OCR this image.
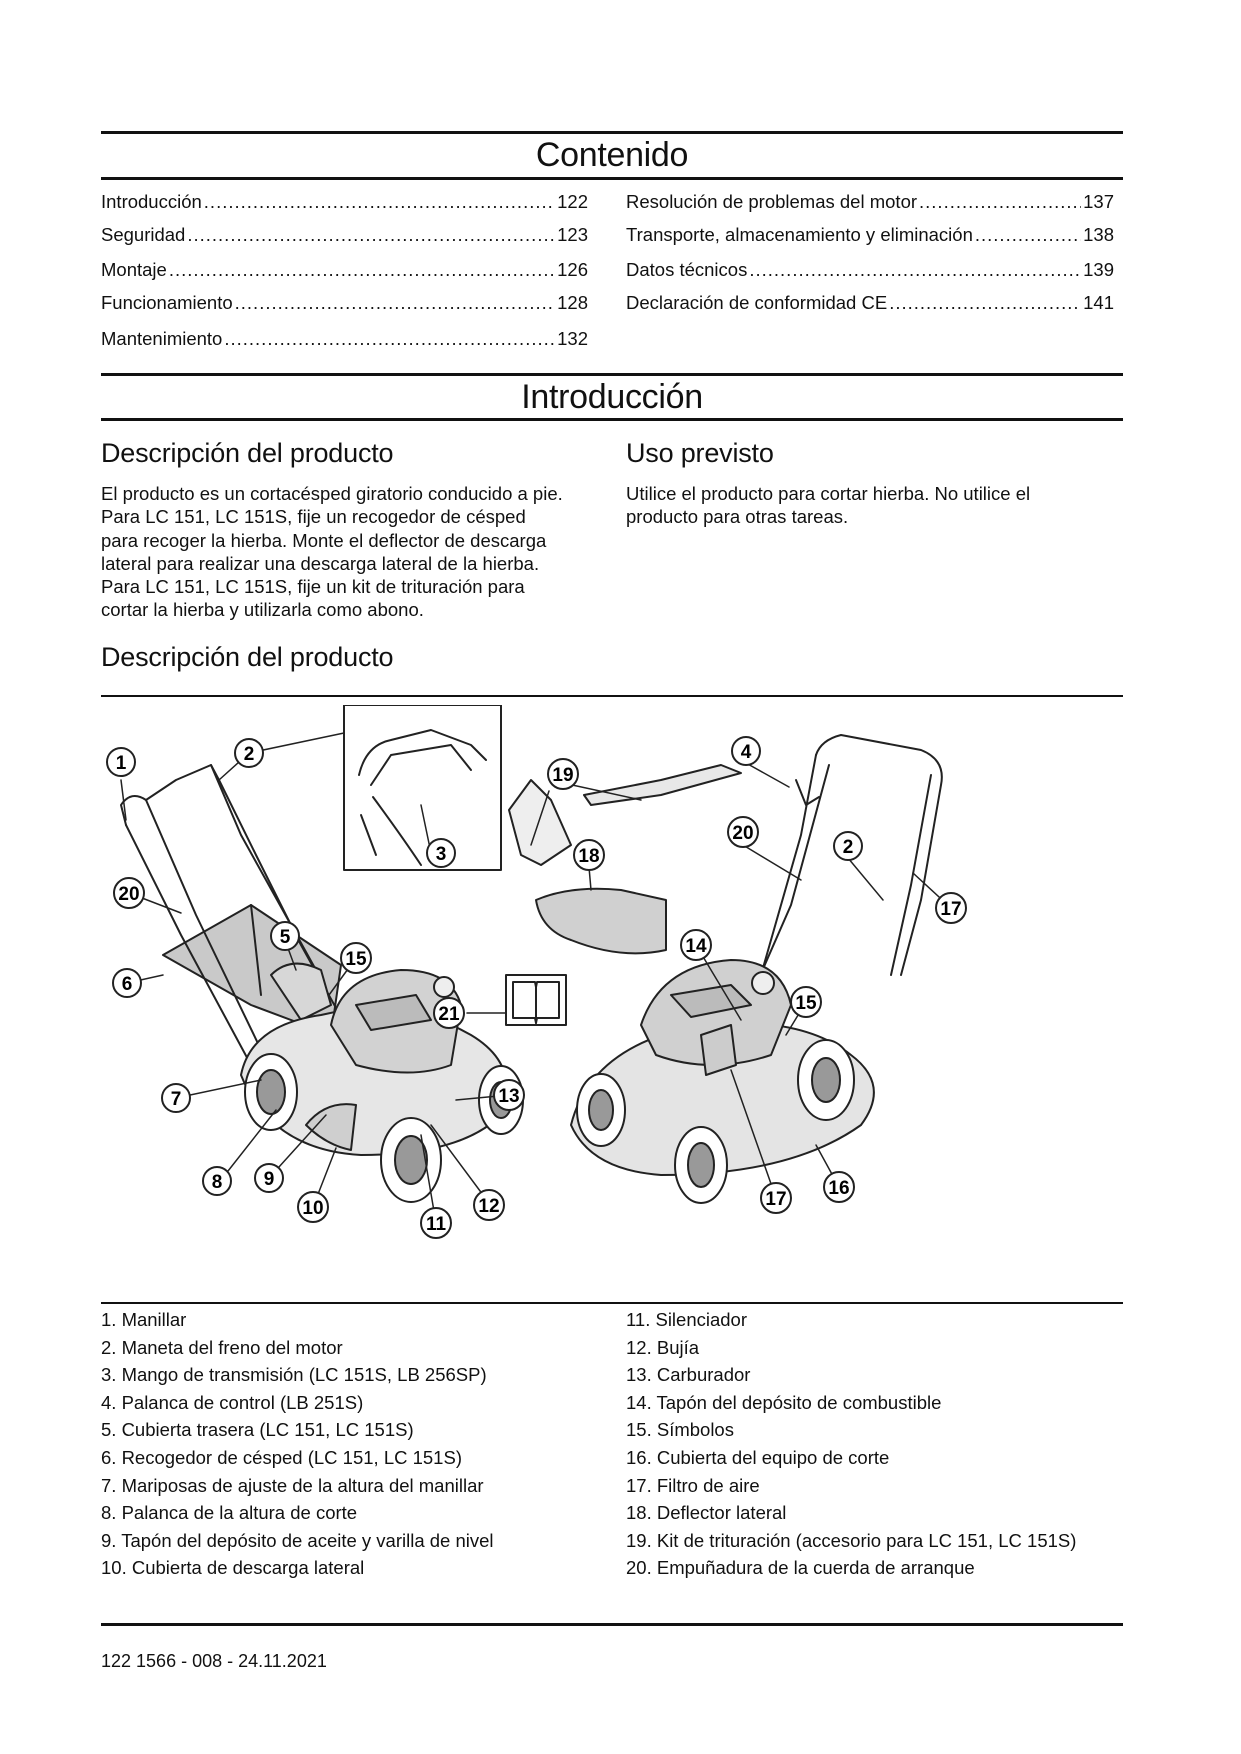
Contenido
Introducción .....	122
Seguridad .....	123
Montaje .....	126
Funcionamiento .....	128
Mantenimiento .....	132
Resolución de problemas del motor .....	137
Transporte, almacenamiento y eliminación .....	138
Datos técnicos .....	139
Declaración de conformidad CE .....	141
Introducción
Descripción del producto

El producto es un cortacésped giratorio conducido a pie.

Para LC 151, LC 151S, fije un recogedor de césped

para recoger la hierba. Monte el deflector de descarga

lateral para realizar una descarga lateral de la hierba.

Para LC 151, LC 151S, fije un kit de trituración para

cortar la hierba y utilizarla como abono.

Uso previsto

Utilice el producto para cortar hierba. No utilice el

producto para otras tareas.

Descripción del producto
1	2
3
4
19
20
2
18
20
17
5
15
14
6
15
21
7	13
8 9	16
17
10	12
11
1. Manillar
2. Maneta del freno del motor
3. Mango de transmisión (LC 151S, LB 256SP)
4. Palanca de control (LB 251S)
5. Cubierta trasera (LC 151, LC 151S)
6. Recogedor de césped (LC 151, LC 151S)
7. Mariposas de ajuste de la altura del manillar
8. Palanca de la altura de corte
9. Tapón del depósito de aceite y varilla de nivel
10. Cubierta de descarga lateral
11. Silenciador
12. Bujía
13. Carburador
14. Tapón del depósito de combustible
15. Símbolos
16. Cubierta del equipo de corte
17. Filtro de aire
18. Deflector lateral
19. Kit de trituración (accesorio para LC 151, LC 151S)
20. Empuñadura de la cuerda de arranque
122 1566 - 008 - 24.11.2021
